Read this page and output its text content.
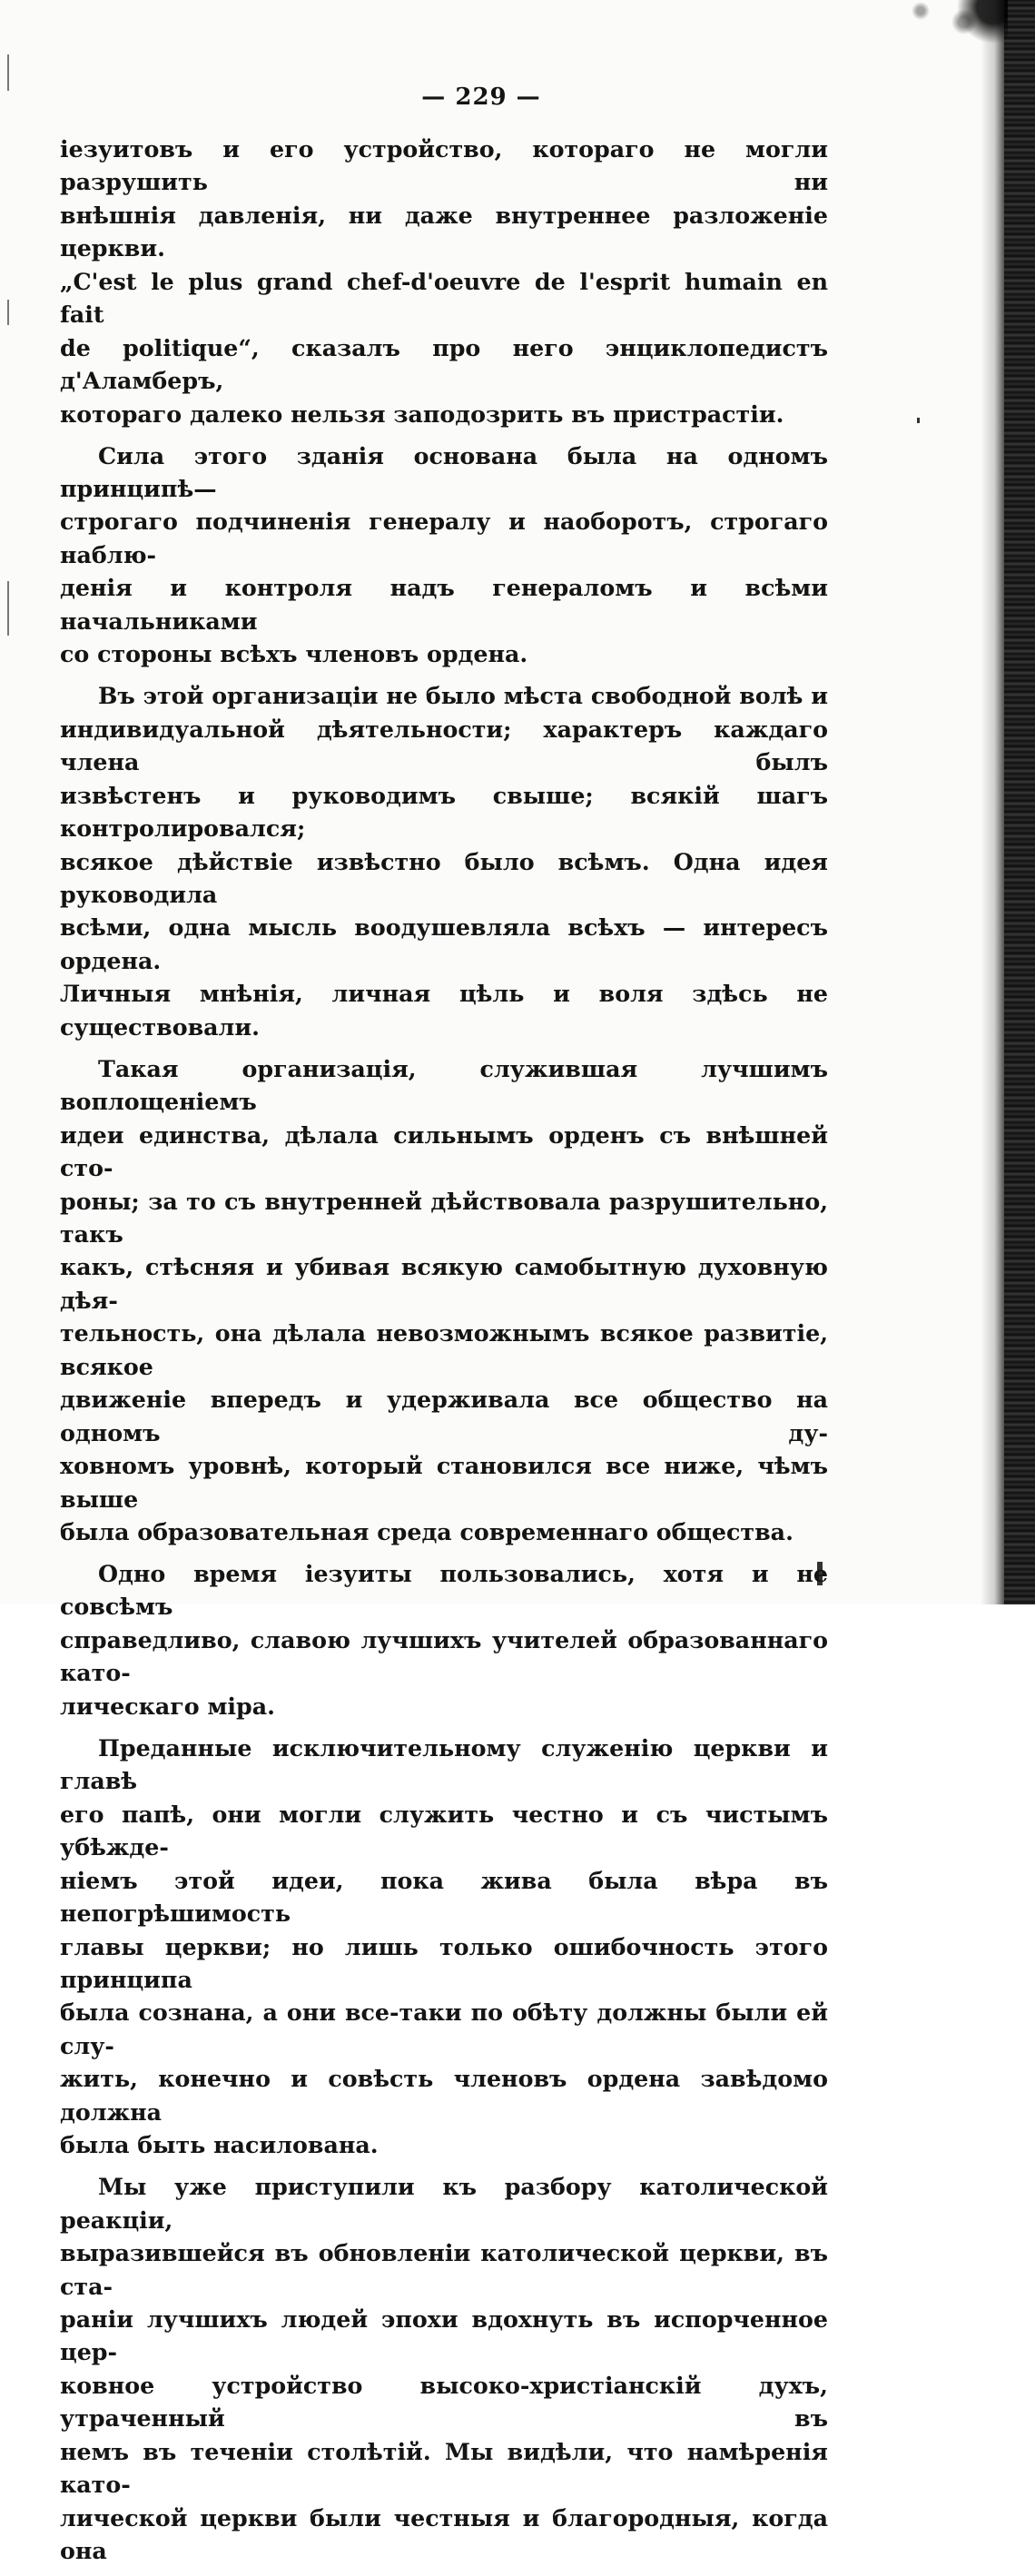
— 229 —

іезуитовъ и его устройство, котораго не могли разрушить ни
внѣшнія давленія, ни даже внутреннее разложеніе церкви.
„C'est le plus grand chef-d'oeuvre de l'esprit humain en fait
de politique“, сказалъ про него энциклопедистъ д'Аламберъ,
котораго далеко нельзя заподозрить въ пристрастіи.

Сила этого зданія основана была на одномъ принципѣ—
строгаго подчиненія генералу и наоборотъ, строгаго наблю-
денія и контроля надъ генераломъ и всѣми начальниками
со стороны всѣхъ членовъ ордена.

Въ этой организаціи не было мѣста свободной волѣ и
индивидуальной дѣятельности; характеръ каждаго члена былъ
извѣстенъ и руководимъ свыше; всякій шагъ контролировался;
всякое дѣйствіе извѣстно было всѣмъ. Одна идея руководила
всѣми, одна мысль воодушевляла всѣхъ — интересъ ордена.
Личныя мнѣнія, личная цѣль и воля здѣсь не существовали.

Такая организація, служившая лучшимъ воплощеніемъ
идеи единства, дѣлала сильнымъ орденъ съ внѣшней сто-
роны; за то съ внутренней дѣйствовала разрушительно, такъ
какъ, стѣсняя и убивая всякую самобытную духовную дѣя-
тельность, она дѣлала невозможнымъ всякое развитіе, всякое
движеніе впередъ и удерживала все общество на одномъ ду-
ховномъ уровнѣ, который становился все ниже, чѣмъ выше
была образовательная среда современнаго общества.

Одно время іезуиты пользовались, хотя и не совсѣмъ
справедливо, славою лучшихъ учителей образованнаго като-
лическаго міра.

Преданные исключительному служенію церкви и главѣ
его папѣ, они могли служить честно и съ чистымъ убѣжде-
ніемъ этой идеи, пока жива была вѣра въ непогрѣшимость
главы церкви; но лишь только ошибочность этого принципа
была сознана, а они все-таки по обѣту должны были ей слу-
жить, конечно и совѣсть членовъ ордена завѣдомо должна
была быть насилована.

Мы уже приступили къ разбору католической реакціи,
выразившейся въ обновленіи католической церкви, въ ста-
раніи лучшихъ людей эпохи вдохнуть въ испорченное цер-
ковное устройство высоко-христіанскій духъ, утраченный въ
немъ въ теченіи столѣтій. Мы видѣли, что намѣренія като-
лической церкви были честныя и благородныя, когда она
